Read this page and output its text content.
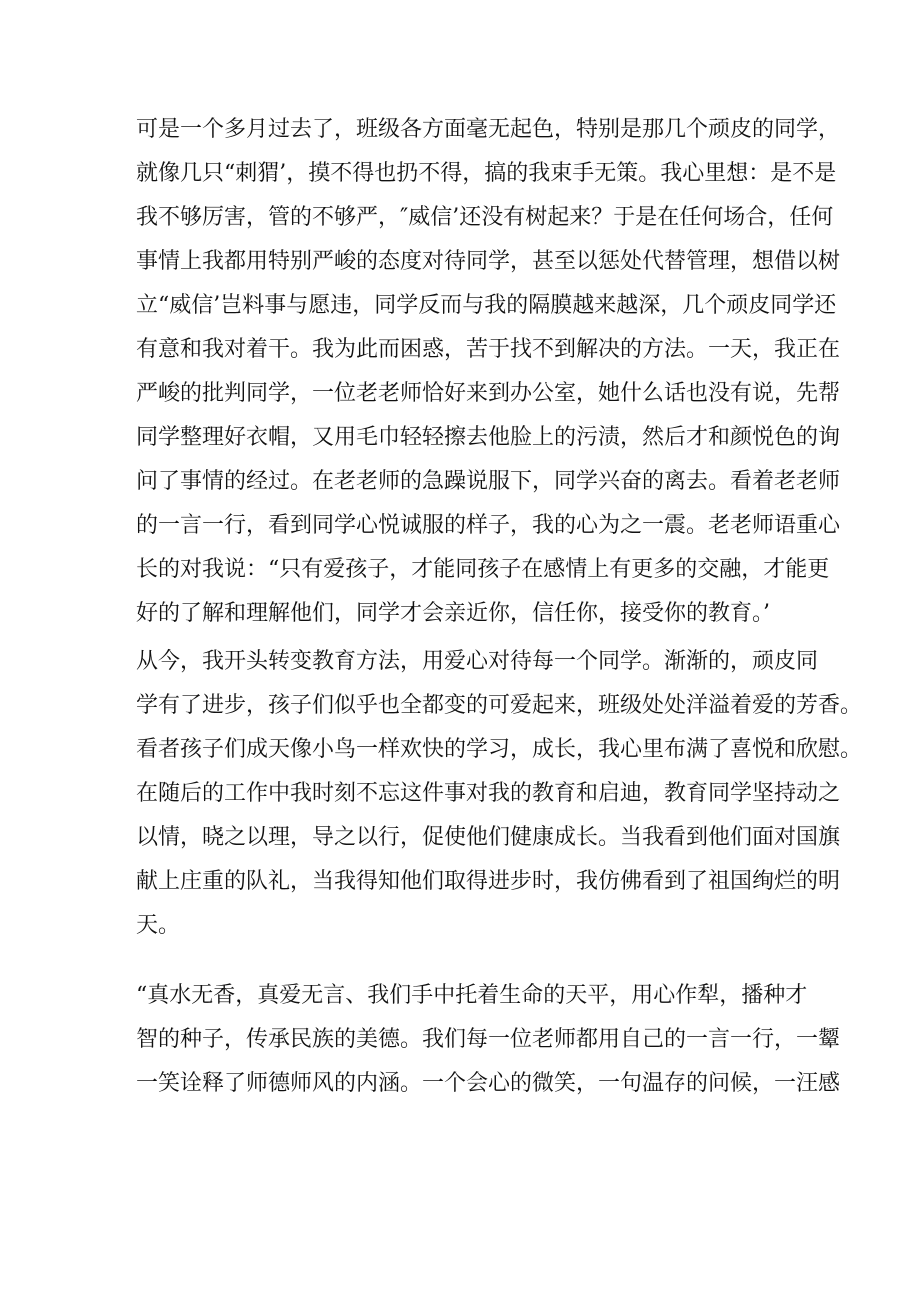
可是一个多月过去了，班级各方面毫无起色，特别是那几个顽皮的同学，
就像几只“刺猬’，摸不得也扔不得，搞的我束手无策。我心里想：是不是
我不够厉害，管的不够严，″威信’还没有树起来？于是在任何场合，任何
事情上我都用特别严峻的态度对待同学，甚至以惩处代替管理，想借以树
立“威信’岂料事与愿违，同学反而与我的隔膜越来越深，几个顽皮同学还
有意和我对着干。我为此而困惑，苦于找不到解决的方法。一天，我正在
严峻的批判同学，一位老老师恰好来到办公室，她什么话也没有说，先帮
同学整理好衣帽，又用毛巾轻轻擦去他脸上的污渍，然后才和颜悦色的询
问了事情的经过。在老老师的急躁说服下，同学兴奋的离去。看着老老师
的一言一行，看到同学心悦诚服的样子，我的心为之一震。老老师语重心
长的对我说：“只有爱孩子，才能同孩子在感情上有更多的交融，才能更
好的了解和理解他们，同学才会亲近你，信任你，接受你的教育。’

从今，我开头转变教育方法，用爱心对待每一个同学。渐渐的，顽皮同
学有了进步，孩子们似乎也全都变的可爱起来，班级处处洋溢着爱的芳香。
看者孩子们成天像小鸟一样欢快的学习，成长，我心里布满了喜悦和欣慰。
在随后的工作中我时刻不忘这件事对我的教育和启迪，教育同学坚持动之
以情，晓之以理，导之以行，促使他们健康成长。当我看到他们面对国旗
献上庄重的队礼，当我得知他们取得进步时，我仿佛看到了祖国绚烂的明
天。

“真水无香，真爱无言、我们手中托着生命的天平，用心作犁，播种才
智的种子，传承民族的美德。我们每一位老师都用自己的一言一行，一颦
一笑诠释了师德师风的内涵。一个会心的微笑，一句温存的问候，一汪感
